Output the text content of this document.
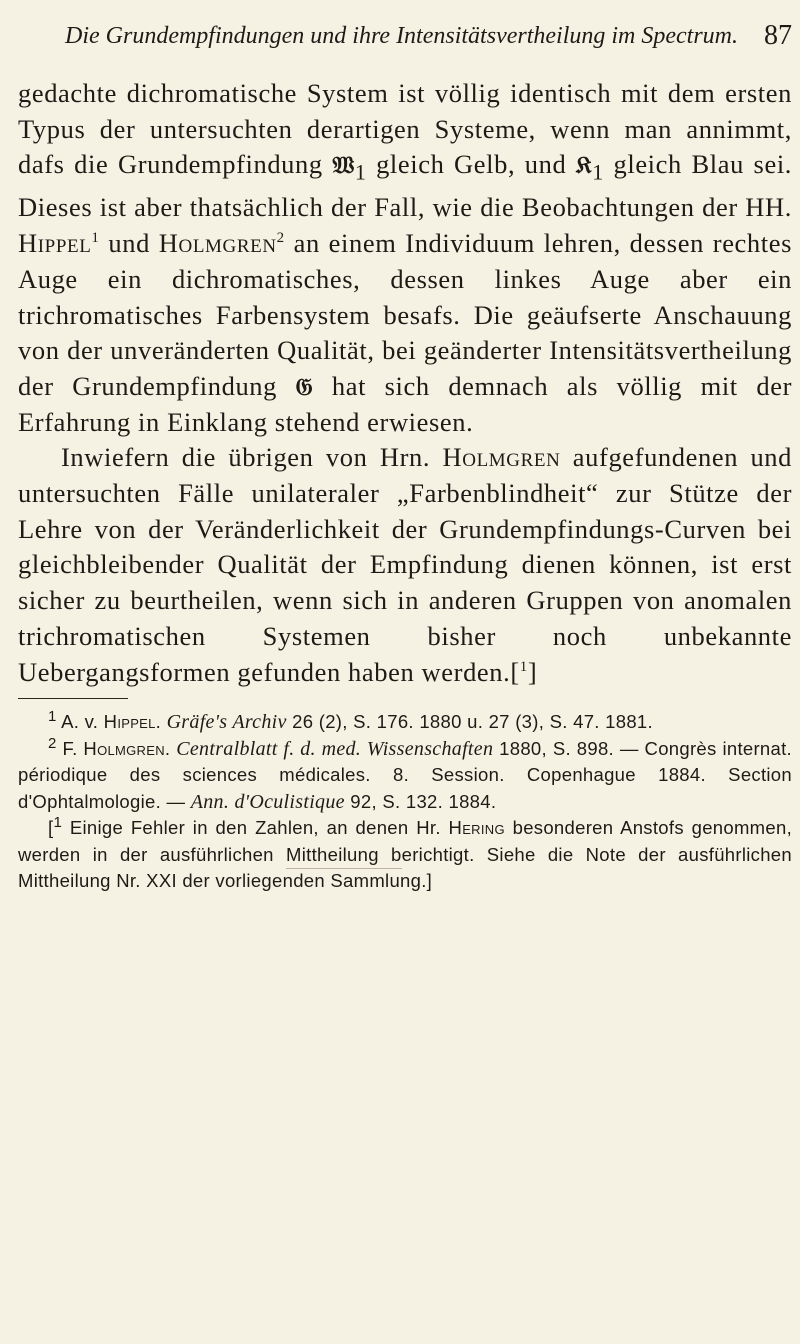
Die Grundempfindungen und ihre Intensitätsvertheilung im Spectrum. 87

gedachte dichromatische System ist völlig identisch mit dem ersten Typus der untersuchten derartigen Systeme, wenn man annimmt, dafs die Grundempfindung 𝔚$_1$ gleich Gelb, und 𝔎$_1$ gleich Blau sei. Dieses ist aber thatsächlich der Fall, wie die Beobachtungen der HH. Hippel$^1$ und Holmgren$^2$ an einem Individuum lehren, dessen rechtes Auge ein dichromatisches, dessen linkes Auge aber ein trichromatisches Farbensystem besafs. Die geäufserte Anschauung von der unveränderten Qualität, bei geänderter Intensitätsvertheilung der Grundempfindung 𝔊 hat sich demnach als völlig mit der Erfahrung in Einklang stehend erwiesen.

Inwiefern die übrigen von Hrn. Holmgren aufgefundenen und untersuchten Fälle unilateraler „Farbenblindheit“ zur Stütze der Lehre von der Veränderlichkeit der Grundempfindungs-Curven bei gleichbleibender Qualität der Empfindung dienen können, ist erst sicher zu beurtheilen, wenn sich in anderen Gruppen von anomalen trichromatischen Systemen bisher noch unbekannte Uebergangsformen gefunden haben werden.[$^1$]

$^1$ A. v. Hippel. Gräfe's Archiv 26 (2), S. 176. 1880 u. 27 (3), S. 47. 1881.

$^2$ F. Holmgren. Centralblatt f. d. med. Wissenschaften 1880, S. 898. — Congrès internat. périodique des sciences médicales. 8. Session. Copenhague 1884. Section d'Ophtalmologie. — Ann. d'Oculistique 92, S. 132. 1884.

[$^1$ Einige Fehler in den Zahlen, an denen Hr. Hering besonderen Anstofs genommen, werden in der ausführlichen Mittheilung berichtigt. Siehe die Note der ausführlichen Mittheilung Nr. XXI der vorliegenden Sammlung.]
